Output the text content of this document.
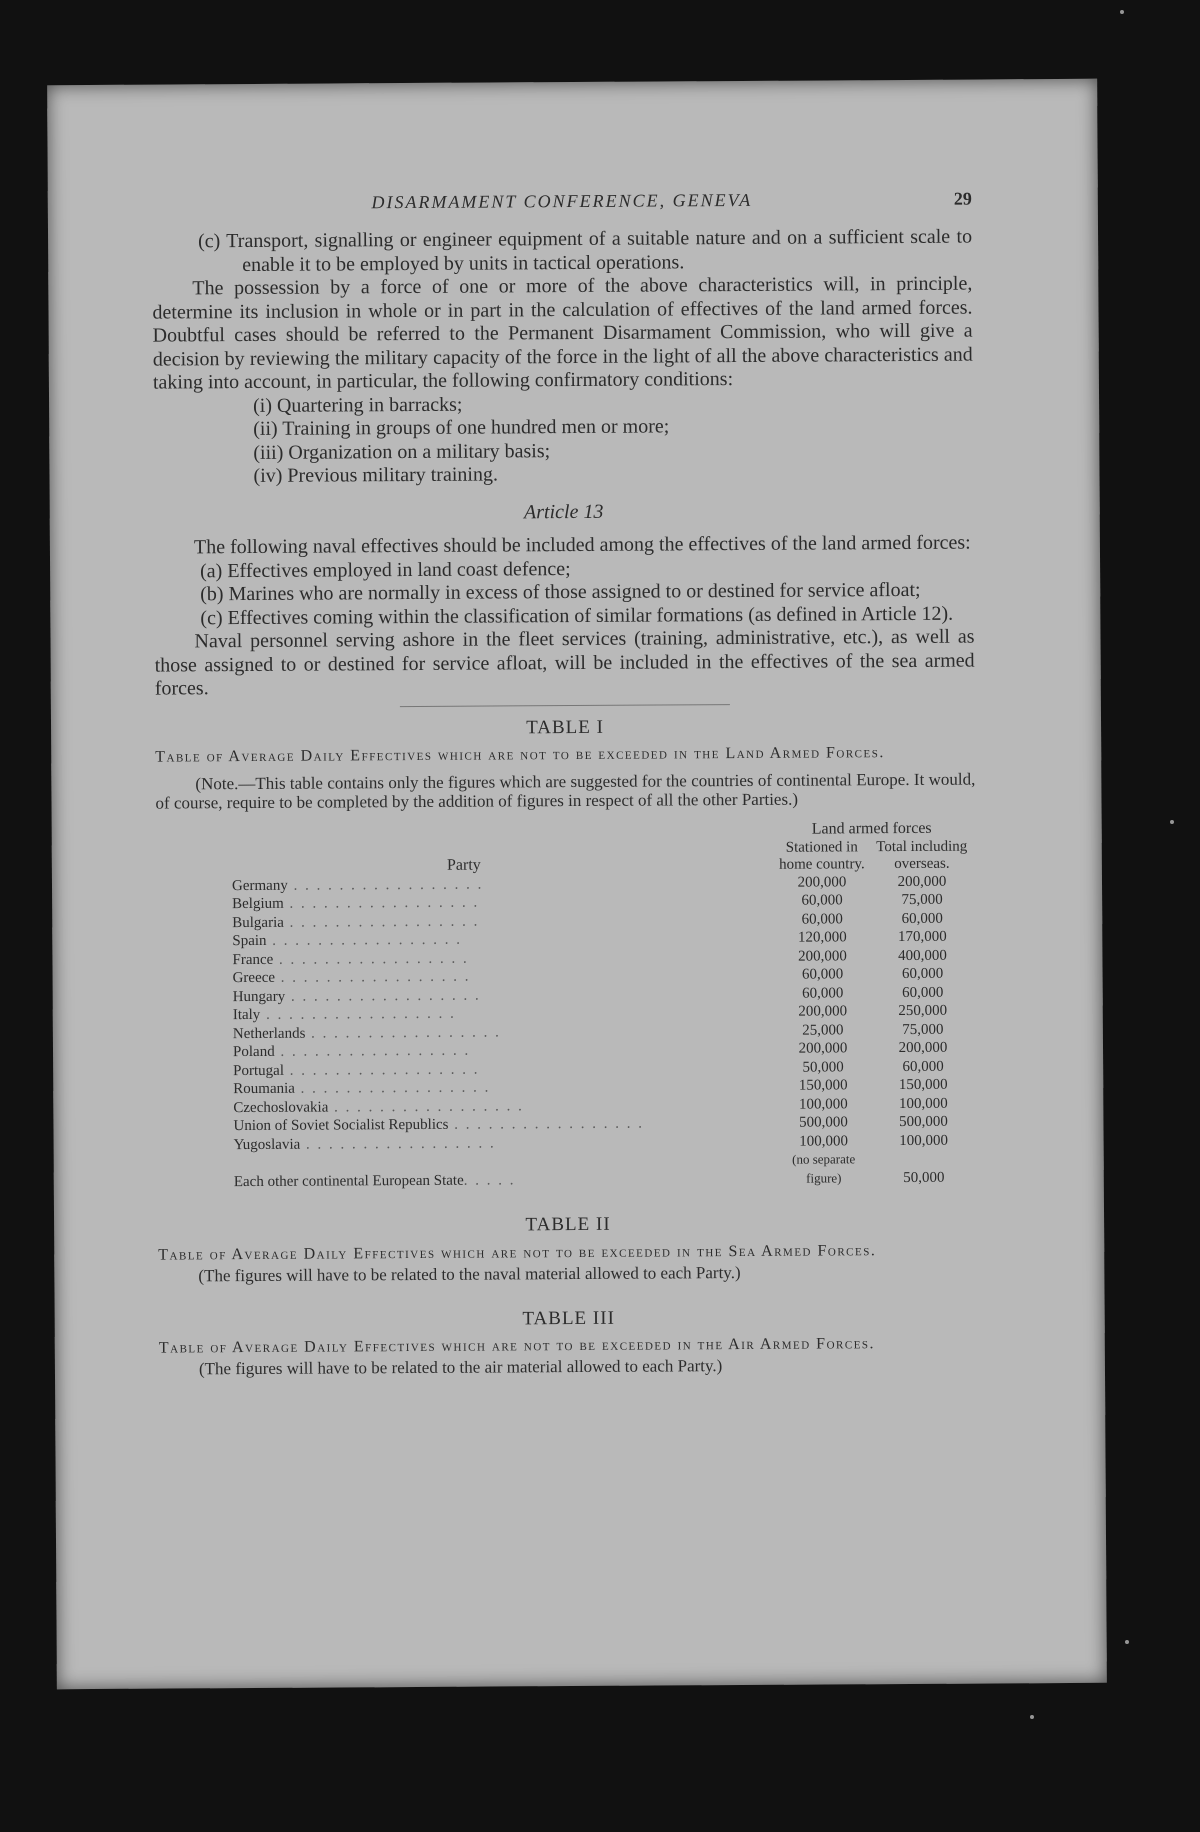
DISARMAMENT CONFERENCE, GENEVA	29

(c) Transport, signalling or engineer equipment of a suitable nature and on a sufficient scale to enable it to be employed by units in tactical operations.

The possession by a force of one or more of the above characteristics will, in principle, determine its inclusion in whole or in part in the calculation of effectives of the land armed forces. Doubtful cases should be referred to the Permanent Disarmament Commission, who will give a decision by reviewing the military capacity of the force in the light of all the above characteristics and taking into account, in particular, the following confirmatory conditions:

(i) Quartering in barracks;

(ii) Training in groups of one hundred men or more;

(iii) Organization on a military basis;

(iv) Previous military training.

Article 13

The following naval effectives should be included among the effectives of the land armed forces:

(a) Effectives employed in land coast defence;

(b) Marines who are normally in excess of those assigned to or destined for service afloat;

(c) Effectives coming within the classification of similar formations (as defined in Article 12).

Naval personnel serving ashore in the fleet services (training, administrative, etc.), as well as those assigned to or destined for service afloat, will be included in the effectives of the sea armed forces.

TABLE I

Table of Average Daily Effectives which are not to be exceeded in the Land Armed Forces.

(Note.—This table contains only the figures which are suggested for the countries of continental Europe. It would, of course, require to be completed by the addition of figures in respect of all the other Parties.)

	Land armed forces	
Party	Stationed in home country.	Total including overseas.
Germany . . . . . . . . . . . . . . . . .	200,000	200,000
Belgium . . . . . . . . . . . . . . . . .	60,000	75,000
Bulgaria . . . . . . . . . . . . . . . . .	60,000	60,000
Spain . . . . . . . . . . . . . . . . .	120,000	170,000
France . . . . . . . . . . . . . . . . .	200,000	400,000
Greece . . . . . . . . . . . . . . . . .	60,000	60,000
Hungary . . . . . . . . . . . . . . . . .	60,000	60,000
Italy . . . . . . . . . . . . . . . . .	200,000	250,000
Netherlands . . . . . . . . . . . . . . . . .	25,000	75,000
Poland . . . . . . . . . . . . . . . . .	200,000	200,000
Portugal . . . . . . . . . . . . . . . . .	50,000	60,000
Roumania . . . . . . . . . . . . . . . . .	150,000	150,000
Czechoslovakia . . . . . . . . . . . . . . . . .	100,000	100,000
Union of Soviet Socialist Republics . . . . . . . . . . . . . . . . .	500,000	500,000
Yugoslavia . . . . . . . . . . . . . . . . .	100,000	100,000
Each other continental European State. . . . .	(no separate figure)	50,000

TABLE II

Table of Average Daily Effectives which are not to be exceeded in the Sea Armed Forces.

(The figures will have to be related to the naval material allowed to each Party.)

TABLE III

Table of Average Daily Effectives which are not to be exceeded in the Air Armed Forces.

(The figures will have to be related to the air material allowed to each Party.)
